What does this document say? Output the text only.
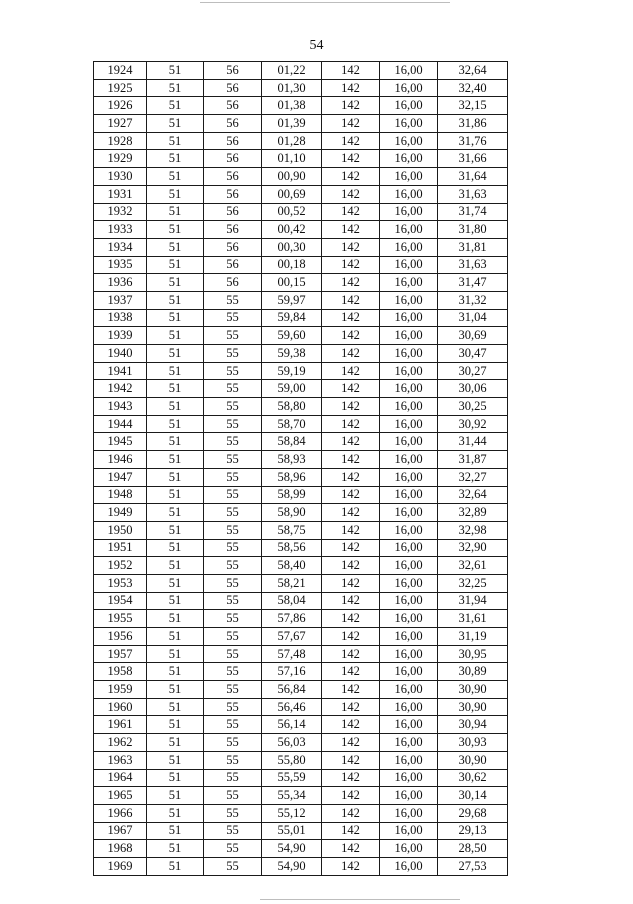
54
1924	51	56	01,22	142	16,00	32,64
1925	51	56	01,30	142	16,00	32,40
1926	51	56	01,38	142	16,00	32,15
1927	51	56	01,39	142	16,00	31,86
1928	51	56	01,28	142	16,00	31,76
1929	51	56	01,10	142	16,00	31,66
1930	51	56	00,90	142	16,00	31,64
1931	51	56	00,69	142	16,00	31,63
1932	51	56	00,52	142	16,00	31,74
1933	51	56	00,42	142	16,00	31,80
1934	51	56	00,30	142	16,00	31,81
1935	51	56	00,18	142	16,00	31,63
1936	51	56	00,15	142	16,00	31,47
1937	51	55	59,97	142	16,00	31,32
1938	51	55	59,84	142	16,00	31,04
1939	51	55	59,60	142	16,00	30,69
1940	51	55	59,38	142	16,00	30,47
1941	51	55	59,19	142	16,00	30,27
1942	51	55	59,00	142	16,00	30,06
1943	51	55	58,80	142	16,00	30,25
1944	51	55	58,70	142	16,00	30,92
1945	51	55	58,84	142	16,00	31,44
1946	51	55	58,93	142	16,00	31,87
1947	51	55	58,96	142	16,00	32,27
1948	51	55	58,99	142	16,00	32,64
1949	51	55	58,90	142	16,00	32,89
1950	51	55	58,75	142	16,00	32,98
1951	51	55	58,56	142	16,00	32,90
1952	51	55	58,40	142	16,00	32,61
1953	51	55	58,21	142	16,00	32,25
1954	51	55	58,04	142	16,00	31,94
1955	51	55	57,86	142	16,00	31,61
1956	51	55	57,67	142	16,00	31,19
1957	51	55	57,48	142	16,00	30,95
1958	51	55	57,16	142	16,00	30,89
1959	51	55	56,84	142	16,00	30,90
1960	51	55	56,46	142	16,00	30,90
1961	51	55	56,14	142	16,00	30,94
1962	51	55	56,03	142	16,00	30,93
1963	51	55	55,80	142	16,00	30,90
1964	51	55	55,59	142	16,00	30,62
1965	51	55	55,34	142	16,00	30,14
1966	51	55	55,12	142	16,00	29,68
1967	51	55	55,01	142	16,00	29,13
1968	51	55	54,90	142	16,00	28,50
1969	51	55	54,90	142	16,00	27,53
